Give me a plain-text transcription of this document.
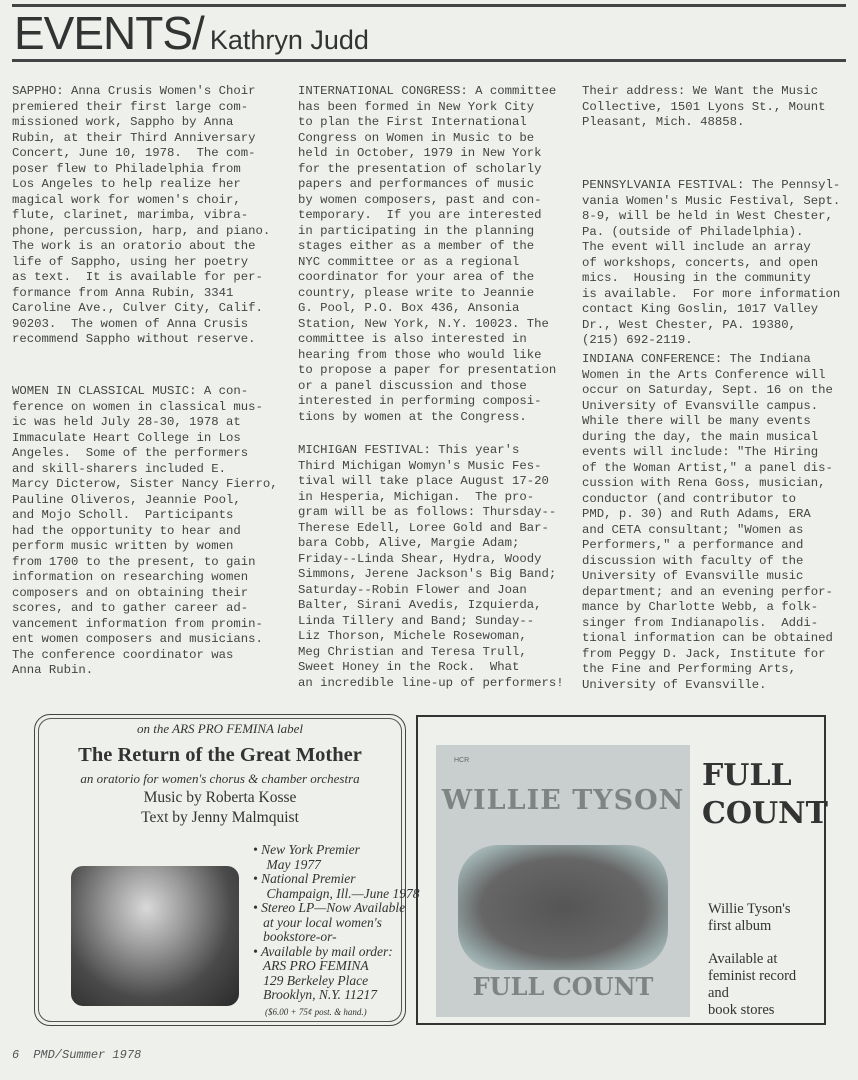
EVENTS/ Kathryn Judd
SAPPHO: Anna Crusis Women's Choir
premiered their first large com-
missioned work, Sappho by Anna
Rubin, at their Third Anniversary
Concert, June 10, 1978.  The com-
poser flew to Philadelphia from
Los Angeles to help realize her
magical work for women's choir,
flute, clarinet, marimba, vibra-
phone, percussion, harp, and piano.
The work is an oratorio about the
life of Sappho, using her poetry
as text.  It is available for per-
formance from Anna Rubin, 3341
Caroline Ave., Culver City, Calif.
90203.  The women of Anna Crusis
recommend Sappho without reserve.
WOMEN IN CLASSICAL MUSIC: A con-
ference on women in classical mus-
ic was held July 28-30, 1978 at
Immaculate Heart College in Los
Angeles.  Some of the performers
and skill-sharers included E.
Marcy Dicterow, Sister Nancy Fierro,
Pauline Oliveros, Jeannie Pool,
and Mojo Scholl.  Participants
had the opportunity to hear and
perform music written by women
from 1700 to the present, to gain
information on researching women
composers and on obtaining their
scores, and to gather career ad-
vancement information from promin-
ent women composers and musicians.
The conference coordinator was
Anna Rubin.
INTERNATIONAL CONGRESS: A committee
has been formed in New York City
to plan the First International
Congress on Women in Music to be
held in October, 1979 in New York
for the presentation of scholarly
papers and performances of music
by women composers, past and con-
temporary.  If you are interested
in participating in the planning
stages either as a member of the
NYC committee or as a regional
coordinator for your area of the
country, please write to Jeannie
G. Pool, P.O. Box 436, Ansonia
Station, New York, N.Y. 10023. The
committee is also interested in
hearing from those who would like
to propose a paper for presentation
or a panel discussion and those
interested in performing composi-
tions by women at the Congress.
MICHIGAN FESTIVAL: This year's
Third Michigan Womyn's Music Fes-
tival will take place August 17-20
in Hesperia, Michigan.  The pro-
gram will be as follows: Thursday--
Therese Edell, Loree Gold and Bar-
bara Cobb, Alive, Margie Adam;
Friday--Linda Shear, Hydra, Woody
Simmons, Jerene Jackson's Big Band;
Saturday--Robin Flower and Joan
Balter, Sirani Avedis, Izquierda,
Linda Tillery and Band; Sunday--
Liz Thorson, Michele Rosewoman,
Meg Christian and Teresa Trull,
Sweet Honey in the Rock.  What
an incredible line-up of performers!
Their address: We Want the Music
Collective, 1501 Lyons St., Mount
Pleasant, Mich. 48858.
PENNSYLVANIA FESTIVAL: The Pennsyl-
vania Women's Music Festival, Sept.
8-9, will be held in West Chester,
Pa. (outside of Philadelphia).
The event will include an array
of workshops, concerts, and open
mics.  Housing in the community
is available.  For more information
contact King Goslin, 1017 Valley
Dr., West Chester, PA. 19380,
(215) 692-2119.
INDIANA CONFERENCE: The Indiana
Women in the Arts Conference will
occur on Saturday, Sept. 16 on the
University of Evansville campus.
While there will be many events
during the day, the main musical
events will include: "The Hiring
of the Woman Artist," a panel dis-
cussion with Rena Goss, musician,
conductor (and contributor to
PMD, p. 30) and Ruth Adams, ERA
and CETA consultant; "Women as
Performers," a performance and
discussion with faculty of the
University of Evansville music
department; and an evening perfor-
mance by Charlotte Webb, a folk-
singer from Indianapolis.  Addi-
tional information can be obtained
from Peggy D. Jack, Institute for
the Fine and Performing Arts,
University of Evansville.
on the ARS PRO FEMINA label
The Return of the Great Mother
an oratorio for women's chorus & chamber orchestra
Music by Roberta Kosse
Text by Jenny Malmquist
• New York Premier
May 1977
• National Premier
Champaign, Ill.—June 1978
• Stereo LP—Now Available
at your local women's
bookstore-or-
• Available by mail order:
ARS PRO FEMINA
129 Berkeley Place
Brooklyn, N.Y. 11217
($6.00 + 75¢ post. & hand.)
HCR
WILLIE TYSON
FULL COUNT
FULL
COUNT
Willie Tyson's
first album
Available at
feminist record
and
book stores
6 PMD/Summer 1978
